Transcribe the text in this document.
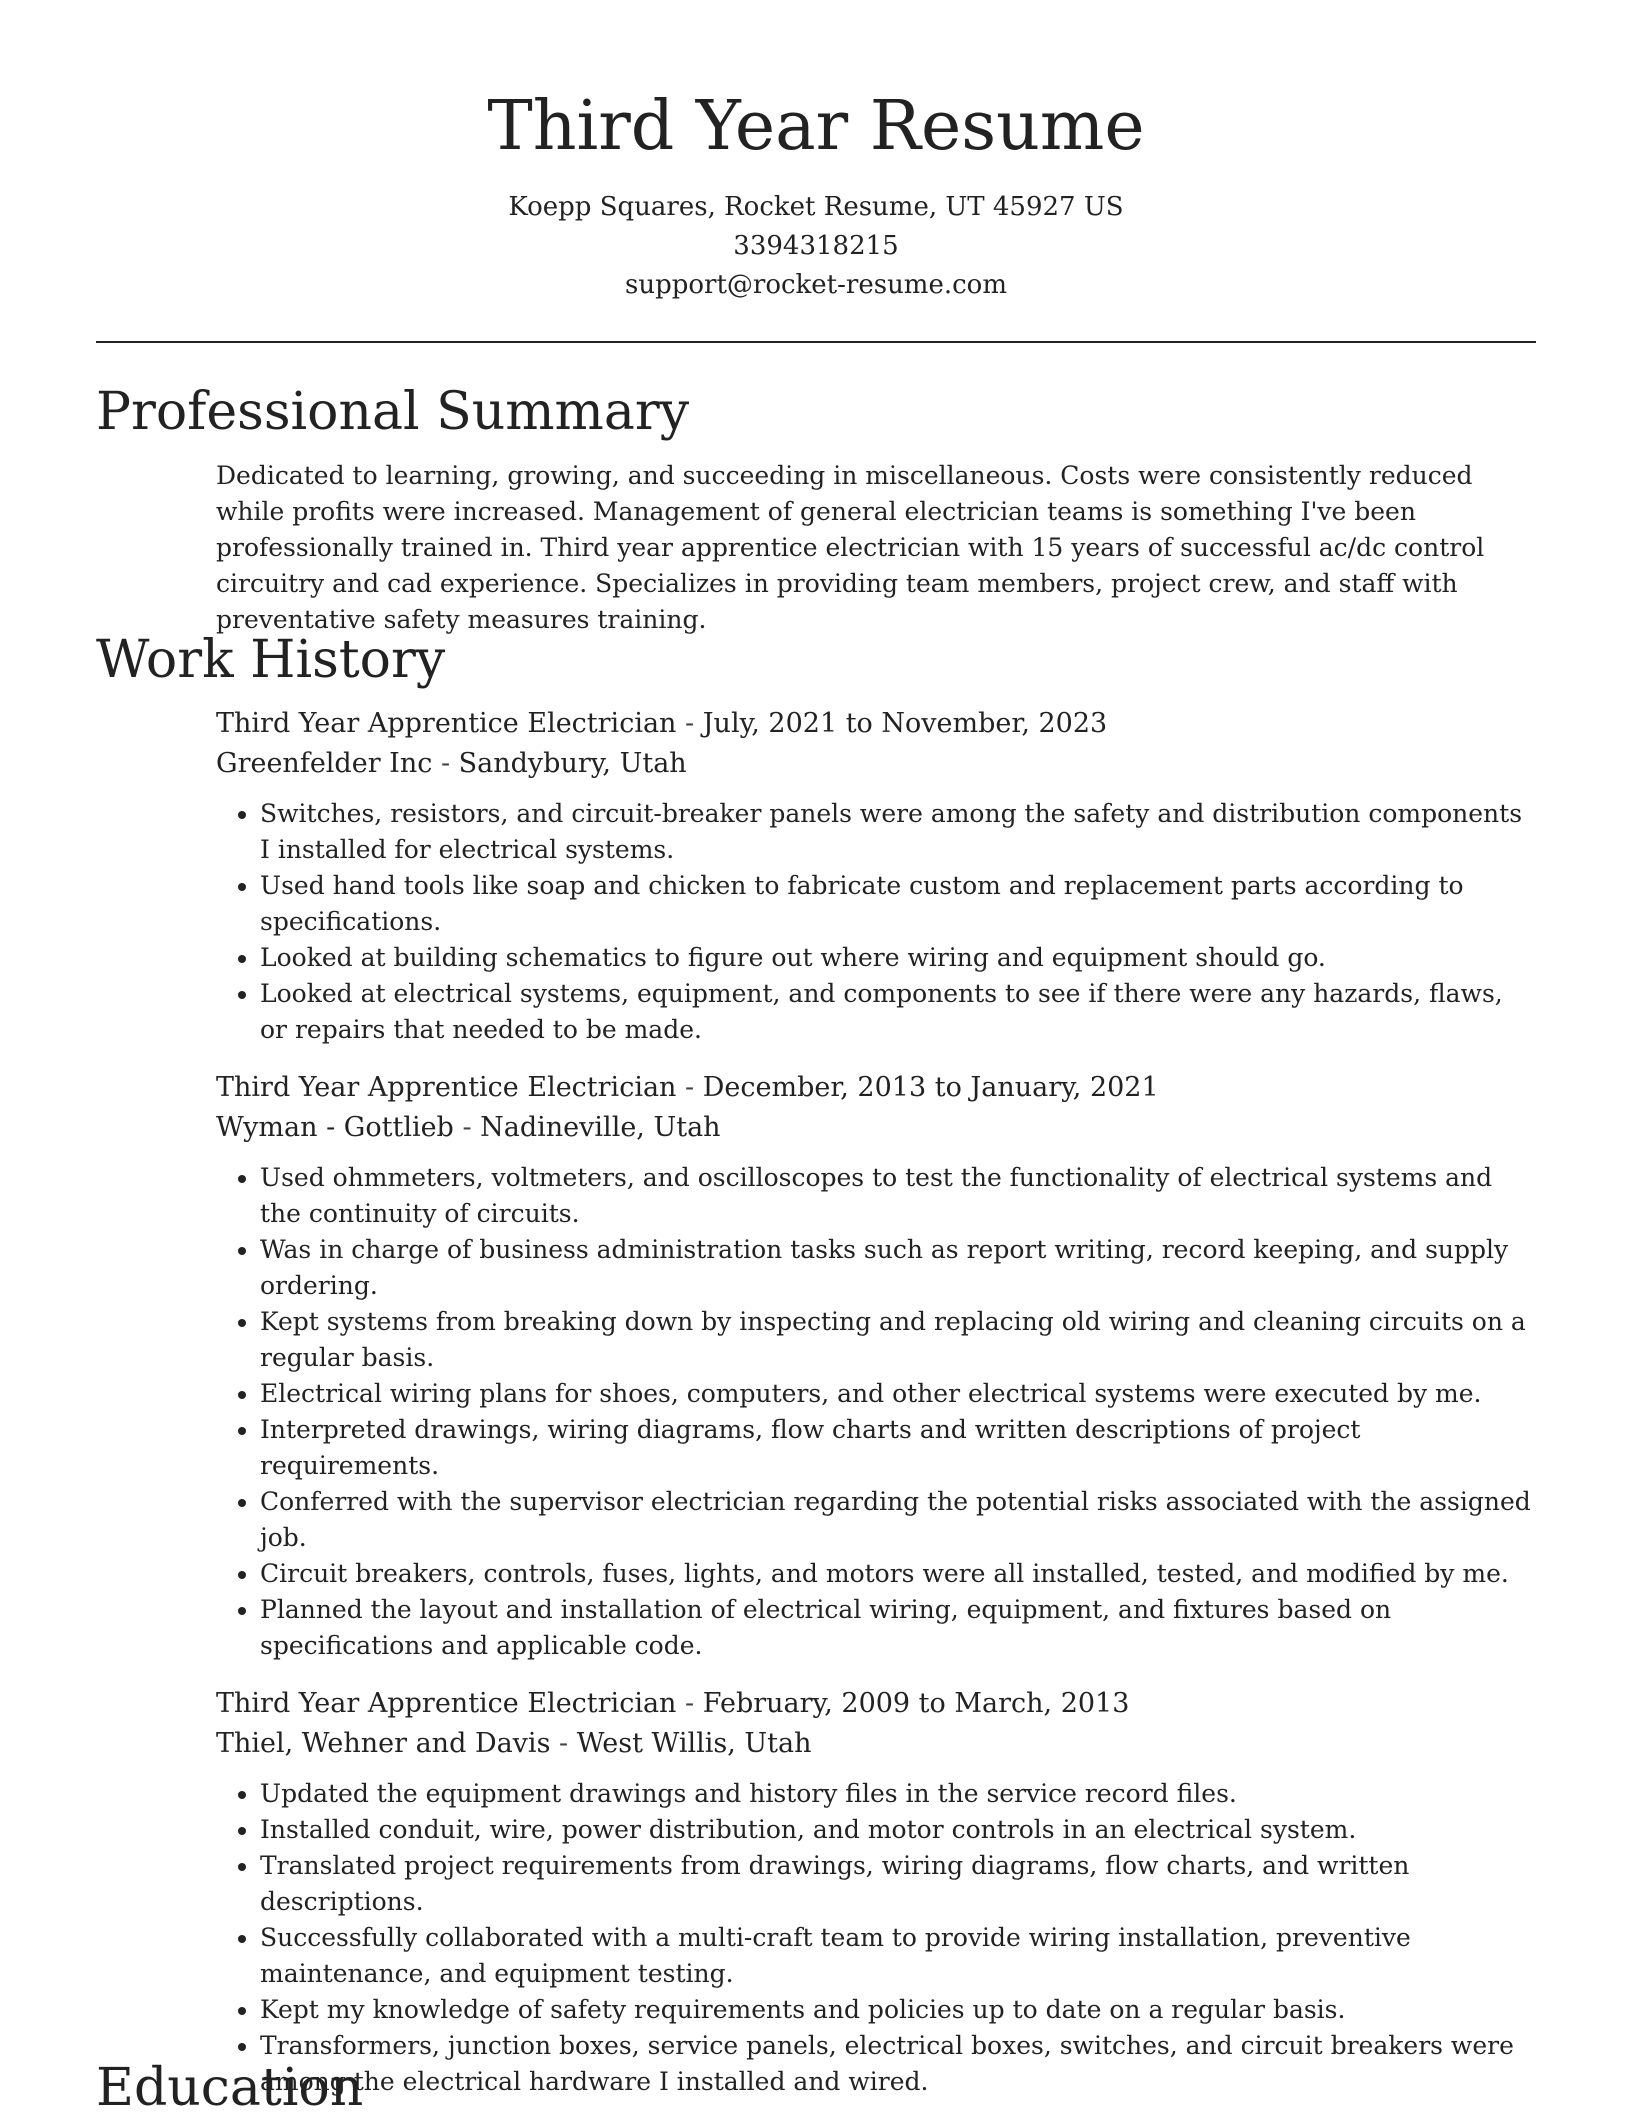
Third Year Resume
Koepp Squares, Rocket Resume, UT 45927 US
3394318215
support@rocket-resume.com
Professional Summary

Dedicated to learning, growing, and succeeding in miscellaneous. Costs were consistently reduced while profits were increased. Management of general electrician teams is something I've been professionally trained in. Third year apprentice electrician with 15 years of successful ac/dc control circuitry and cad experience. Specializes in providing team members, project crew, and staff with preventative safety measures training.

Work History
Third Year Apprentice Electrician - July, 2021 to November, 2023
Greenfelder Inc - Sandybury, Utah
• Switches, resistors, and circuit-breaker panels were among the safety and distribution components I installed for electrical systems.
• Used hand tools like soap and chicken to fabricate custom and replacement parts according to specifications.
• Looked at building schematics to figure out where wiring and equipment should go.
• Looked at electrical systems, equipment, and components to see if there were any hazards, flaws, or repairs that needed to be made.
Third Year Apprentice Electrician - December, 2013 to January, 2021
Wyman - Gottlieb - Nadineville, Utah
• Used ohmmeters, voltmeters, and oscilloscopes to test the functionality of electrical systems and the continuity of circuits.
• Was in charge of business administration tasks such as report writing, record keeping, and supply ordering.
• Kept systems from breaking down by inspecting and replacing old wiring and cleaning circuits on a regular basis.
• Electrical wiring plans for shoes, computers, and other electrical systems were executed by me.
• Interpreted drawings, wiring diagrams, flow charts and written descriptions of project requirements.
• Conferred with the supervisor electrician regarding the potential risks associated with the assigned job.
• Circuit breakers, controls, fuses, lights, and motors were all installed, tested, and modified by me.
• Planned the layout and installation of electrical wiring, equipment, and fixtures based on specifications and applicable code.
Third Year Apprentice Electrician - February, 2009 to March, 2013
Thiel, Wehner and Davis - West Willis, Utah
• Updated the equipment drawings and history files in the service record files.
• Installed conduit, wire, power distribution, and motor controls in an electrical system.
• Translated project requirements from drawings, wiring diagrams, flow charts, and written descriptions.
• Successfully collaborated with a multi-craft team to provide wiring installation, preventive maintenance, and equipment testing.
• Kept my knowledge of safety requirements and policies up to date on a regular basis.
• Transformers, junction boxes, service panels, electrical boxes, switches, and circuit breakers were among the electrical hardware I installed and wired.
Education
